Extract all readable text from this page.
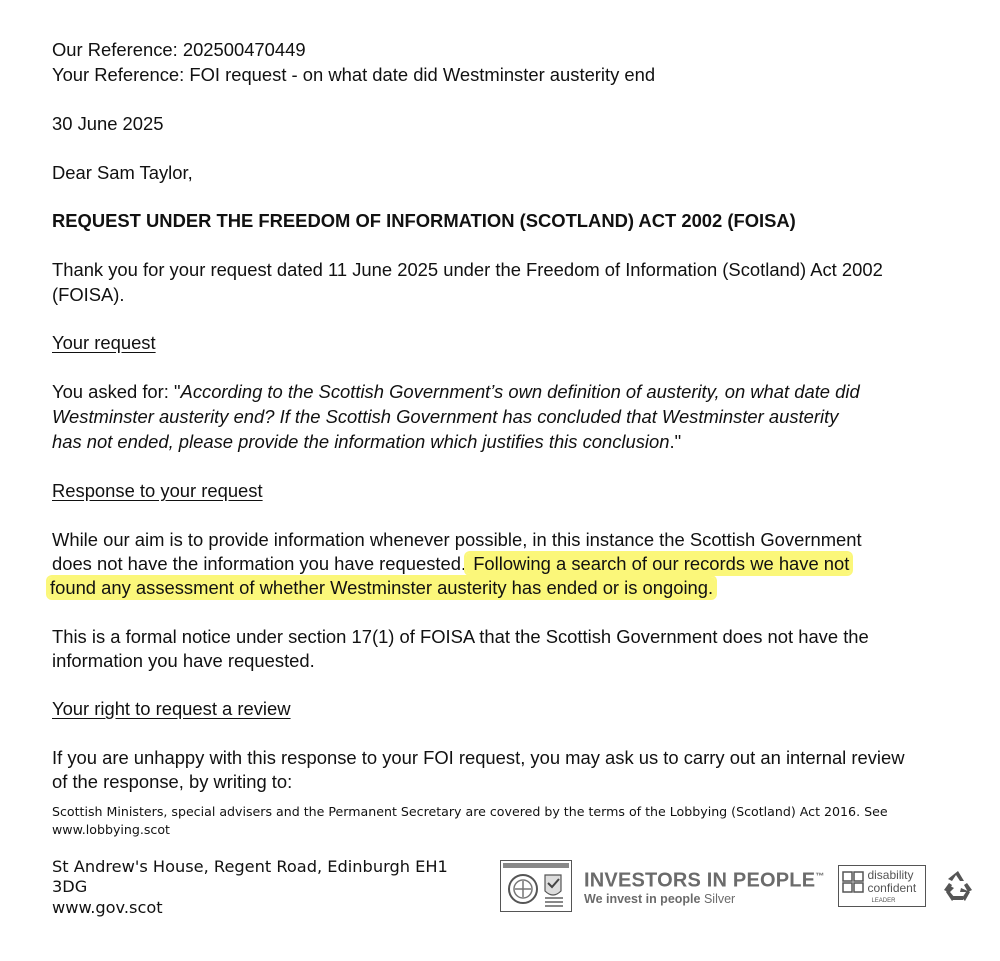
Our Reference: 202500470449
Your Reference: FOI request - on what date did Westminster austerity end
30 June 2025
Dear Sam Taylor,
REQUEST UNDER THE FREEDOM OF INFORMATION (SCOTLAND) ACT 2002 (FOISA)
Thank you for your request dated 11 June 2025 under the Freedom of Information (Scotland) Act 2002
(FOISA).
Your request
You asked for: "According to the Scottish Government’s own definition of austerity, on what date did
Westminster austerity end? If the Scottish Government has concluded that Westminster austerity
has not ended, please provide the information which justifies this conclusion."
Response to your request
While our aim is to provide information whenever possible, in this instance the Scottish Government
does not have the information you have requested. Following a search of our records we have not
found any assessment of whether Westminster austerity has ended or is ongoing.
This is a formal notice under section 17(1) of FOISA that the Scottish Government does not have the
information you have requested.
Your right to request a review
If you are unhappy with this response to your FOI request, you may ask us to carry out an internal review
of the response, by writing to:
Scottish Ministers, special advisers and the Permanent Secretary are covered by the terms of the Lobbying (Scotland) Act 2016. See
www.lobbying.scot
St Andrew's House, Regent Road, Edinburgh EH1
3DG
www.gov.scot
INVESTORS IN PEOPLE™
We invest in people Silver
disability
confident
LEADER
